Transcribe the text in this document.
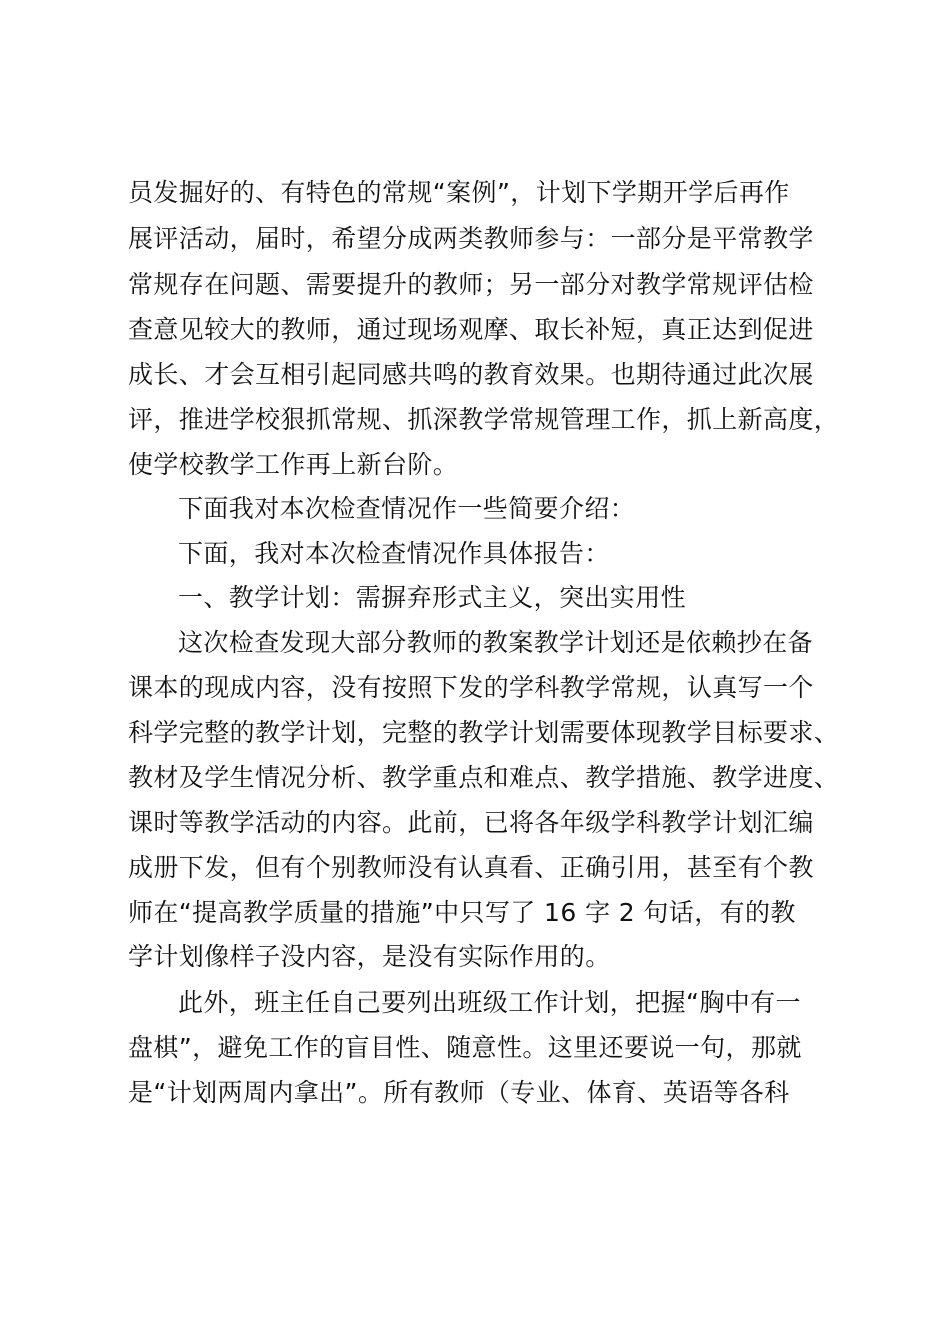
员发掘好的、有特色的常规“案例”，计划下学期开学后再作
展评活动，届时，希望分成两类教师参与：一部分是平常教学
常规存在问题、需要提升的教师；另一部分对教学常规评估检
查意见较大的教师，通过现场观摩、取长补短，真正达到促进
成长、才会互相引起同感共鸣的教育效果。也期待通过此次展
评，推进学校狠抓常规、抓深教学常规管理工作，抓上新高度，
使学校教学工作再上新台阶。
下面我对本次检查情况作一些简要介绍：
下面，我对本次检查情况作具体报告：
一、教学计划：需摒弃形式主义，突出实用性
这次检查发现大部分教师的教案教学计划还是依赖抄在备
课本的现成内容，没有按照下发的学科教学常规，认真写一个
科学完整的教学计划，完整的教学计划需要体现教学目标要求、
教材及学生情况分析、教学重点和难点、教学措施、教学进度、
课时等教学活动的内容。此前，已将各年级学科教学计划汇编
成册下发，但有个别教师没有认真看、正确引用，甚至有个教
师在“提高教学质量的措施”中只写了 16 字 2 句话，有的教
学计划像样子没内容，是没有实际作用的。
此外，班主任自己要列出班级工作计划，把握“胸中有一
盘棋”，避免工作的盲目性、随意性。这里还要说一句，那就
是“计划两周内拿出”。所有教师（专业、体育、英语等各科
